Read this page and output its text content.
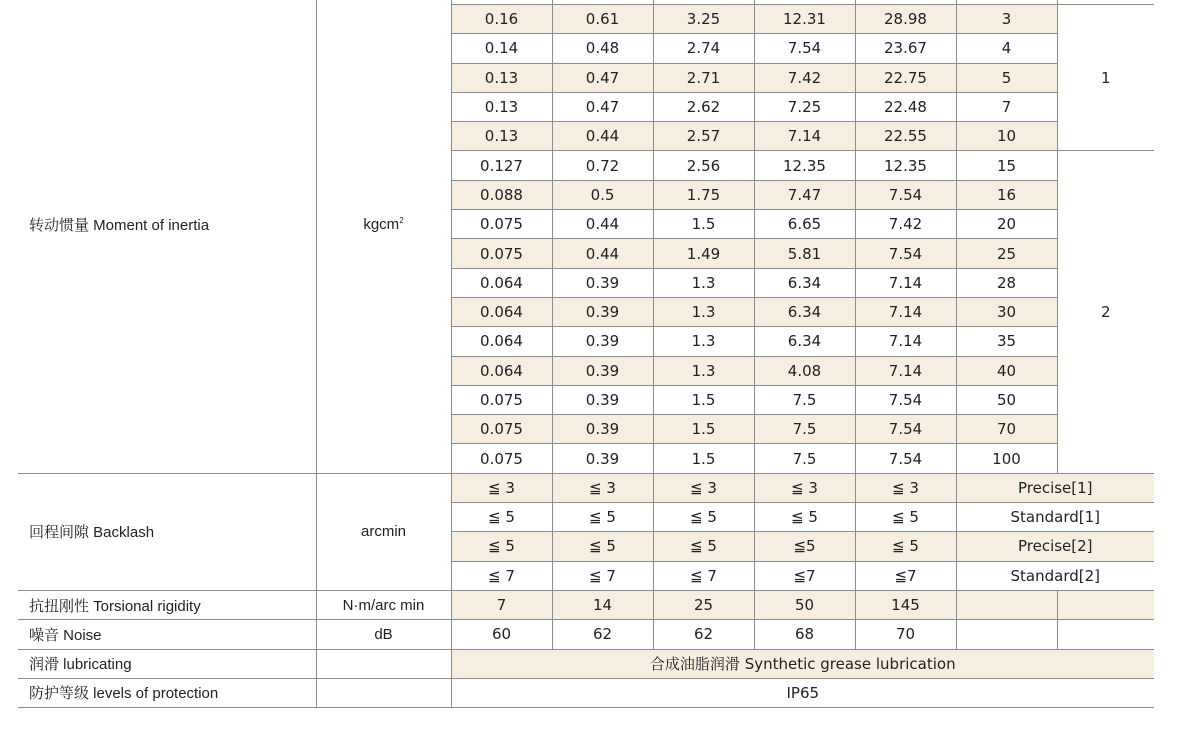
转动惯量 Moment of inertia	kgcm$^2$							
		0.16	0.61	3.25	12.31	28.98	3	1
		0.14	0.48	2.74	7.54	23.67	4	
		0.13	0.47	2.71	7.42	22.75	5	
		0.13	0.47	2.62	7.25	22.48	7	
		0.13	0.44	2.57	7.14	22.55	10	
		0.127	0.72	2.56	12.35	12.35	15	2
		0.088	0.5	1.75	7.47	7.54	16	
		0.075	0.44	1.5	6.65	7.42	20	
		0.075	0.44	1.49	5.81	7.54	25	
		0.064	0.39	1.3	6.34	7.14	28	
		0.064	0.39	1.3	6.34	7.14	30	
		0.064	0.39	1.3	6.34	7.14	35	
		0.064	0.39	1.3	4.08	7.14	40	
		0.075	0.39	1.5	7.5	7.54	50	
		0.075	0.39	1.5	7.5	7.54	70	
		0.075	0.39	1.5	7.5	7.54	100	
回程间隙 Backlash	arcmin	≦ 3	≦ 3	≦ 3	≦ 3	≦ 3	Precise[1]	
		≦ 5	≦ 5	≦ 5	≦ 5	≦ 5	Standard[1]	
		≦ 5	≦ 5	≦ 5	≦5	≦ 5	Precise[2]	
		≦ 7	≦ 7	≦ 7	≦7	≦7	Standard[2]	
抗扭刚性 Torsional rigidity	N·m/arc min	7	14	25	50	145		
噪音 Noise	dB	60	62	62	68	70		
润滑 lubricating		合成油脂润滑 Synthetic grease lubrication						
防护等级 levels of protection		IP65						
